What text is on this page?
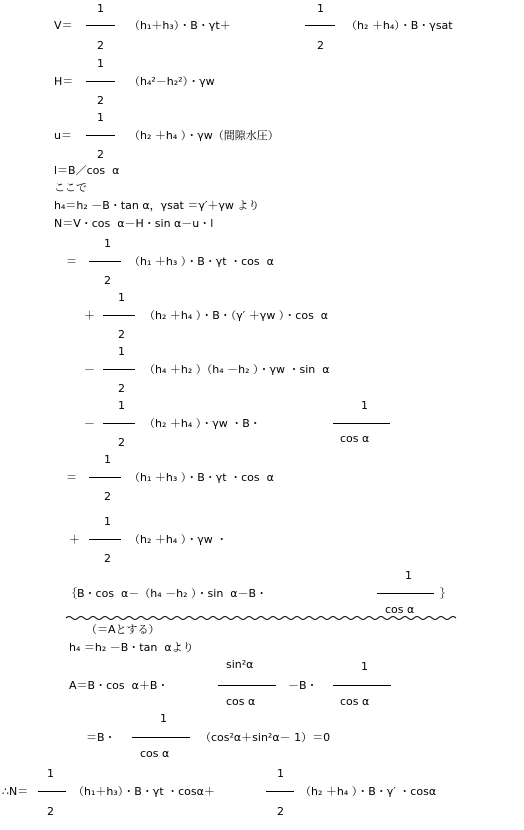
V＝
1
2
（h₁＋h₃）・B・γt＋
1
2
（h₂ ＋h₄）・B・γsat
H＝
1
2
（h₄²－h₂²）・γw
u＝
1
2
（h₂ ＋h₄ ）・γw（間隙水圧）
l＝B／cos  α
ここで
h₄＝h₂ －B・tan α，γsat ＝γ′＋γw より
N＝V・cos  α－H・sin α－u・l
＝
1
2
（h₁ ＋h₃ ）・B・γt ・cos  α
＋
1
2
（h₂ ＋h₄ ）・B・（γ′ ＋γw ）・cos  α
－
1
2
（h₄ ＋h₂ ）（h₄ －h₂ ）・γw ・sin  α
－
1
2
（h₂ ＋h₄ ）・γw ・B・
1
cos α
＝
1
2
（h₁ ＋h₃ ）・B・γt ・cos  α
＋
1
2
（h₂ ＋h₄ ）・γw ・
｛B・cos  α－（h₄ －h₂ ）・sin  α－B・
1
cos α
｝
（＝Aとする）
h₄ ＝h₂ －B・tan  αより
A＝B・cos  α＋B・
sin²α
cos α
－B・
1
cos α
＝B・
1
cos α
（cos²α＋sin²α－ 1）＝0
∴N＝
1
2
（h₁＋h₃）・B・γt ・cosα＋
1
2
（h₂ ＋h₄ ）・B・γ′ ・cosα
